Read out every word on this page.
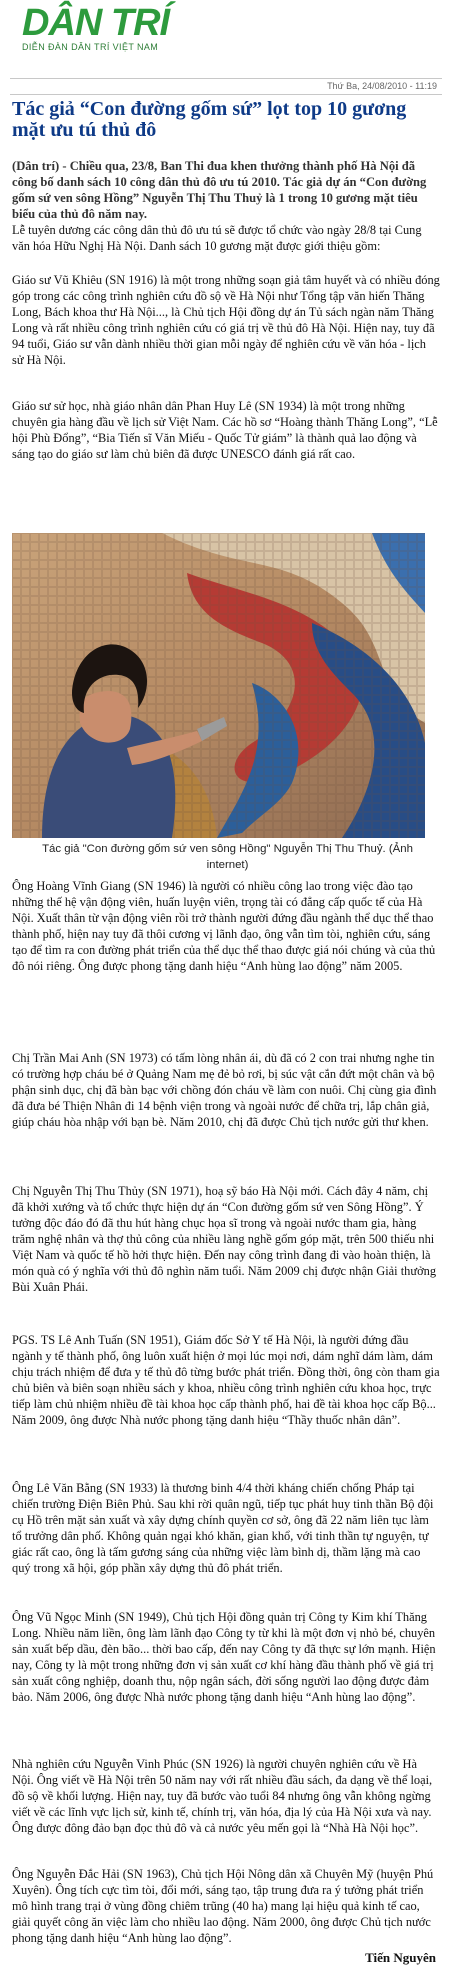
DÂN TRÍ
DIỄN ĐÀN DÂN TRÍ VIỆT NAM
Thứ Ba, 24/08/2010 - 11:19
Tác giả “Con đường gốm sứ” lọt top 10 gương mặt ưu tú thủ đô

(Dân trí) - Chiều qua, 23/8, Ban Thi đua khen thưởng thành phố Hà Nội đã công bố danh sách 10 công dân thủ đô ưu tú 2010. Tác giả dự án “Con đường gốm sứ ven sông Hồng” Nguyễn Thị Thu Thuỷ là 1 trong 10 gương mặt tiêu biểu của thủ đô năm nay.

Lễ tuyên dương các công dân thủ đô ưu tú sẽ được tổ chức vào ngày 28/8 tại Cung văn hóa Hữu Nghị Hà Nội. Danh sách 10 gương mặt được giới thiệu gồm:

Giáo sư Vũ Khiêu (SN 1916) là một trong những soạn giả tâm huyết và có nhiều đóng góp trong các công trình nghiên cứu đồ sộ về Hà Nội như Tổng tập văn hiến Thăng Long, Bách khoa thư Hà Nội..., là Chủ tịch Hội đồng dự án Tủ sách ngàn năm Thăng Long và rất nhiều công trình nghiên cứu có giá trị về thủ đô Hà Nội. Hiện nay, tuy đã 94 tuổi, Giáo sư vẫn dành nhiều thời gian mỗi ngày để nghiên cứu về văn hóa - lịch sử Hà Nội.

Giáo sư sử học, nhà giáo nhân dân Phan Huy Lê (SN 1934) là một trong những chuyên gia hàng đầu về lịch sử Việt Nam. Các hồ sơ “Hoàng thành Thăng Long”, “Lễ hội Phù Đổng”, “Bia Tiến sĩ Văn Miếu - Quốc Tử giám” là thành quả lao động và sáng tạo do giáo sư làm chủ biên đã được UNESCO đánh giá rất cao.

Tác giả "Con đường gốm sứ ven sông Hồng" Nguyễn Thị Thu Thuỷ. (Ảnh internet)

Ông Hoàng Vĩnh Giang (SN 1946) là người có nhiều công lao trong việc đào tạo những thế hệ vận động viên, huấn luyện viên, trọng tài có đẳng cấp quốc tế của Hà Nội. Xuất thân từ vận động viên rồi trở thành người đứng đầu ngành thể dục thể thao thành phố, hiện nay tuy đã thôi cương vị lãnh đạo, ông vẫn tìm tòi, nghiên cứu, sáng tạo để tìm ra con đường phát triển của thể dục thể thao được giá nói chúng và của thủ đô nói riêng. Ông được phong tặng danh hiệu “Anh hùng lao động” năm 2005.

Chị Trần Mai Anh (SN 1973) có tấm lòng nhân ái, dù đã có 2 con trai nhưng nghe tin có trường hợp cháu bé ở Quảng Nam mẹ đẻ bỏ rơi, bị súc vật cắn đứt một chân và bộ phận sinh dục, chị đã bàn bạc với chồng đón cháu về làm con nuôi. Chị cùng gia đình đã đưa bé Thiện Nhân đi 14 bệnh viện trong và ngoài nước để chữa trị, lắp chân giả, giúp cháu hòa nhập với bạn bè. Năm 2010, chị đã được Chủ tịch nước gửi thư khen.

Chị Nguyễn Thị Thu Thủy (SN 1971), hoạ sỹ báo Hà Nội mới. Cách đây 4 năm, chị đã khởi xướng và tổ chức thực hiện dự án “Con đường gốm sứ ven Sông Hồng”. Ý tưởng độc đáo đó đã thu hút hàng chục họa sĩ trong và ngoài nước tham gia, hàng trăm nghệ nhân và thợ thủ công của nhiều làng nghề gốm góp mặt, trên 500 thiếu nhi Việt Nam và quốc tế hồ hởi thực hiện. Đến nay công trình đang đi vào hoàn thiện, là món quà có ý nghĩa với thủ đô nghìn năm tuổi. Năm 2009 chị được nhận Giải thưởng Bùi Xuân Phái.

PGS. TS Lê Anh Tuấn (SN 1951), Giám đốc Sở Y tế Hà Nội, là người đứng đầu ngành y tế thành phố, ông luôn xuất hiện ở mọi lúc mọi nơi, dám nghĩ dám làm, dám chịu trách nhiệm để đưa y tế thủ đô từng bước phát triển. Đồng thời, ông còn tham gia chủ biên và biên soạn nhiều sách y khoa, nhiều công trình nghiên cứu khoa học, trực tiếp làm chủ nhiệm nhiều đề tài khoa học cấp thành phố, hai đề tài khoa học cấp Bộ... Năm 2009, ông được Nhà nước phong tặng danh hiệu “Thầy thuốc nhân dân”.

Ông Lê Văn Bằng (SN 1933) là thương binh 4/4 thời kháng chiến chống Pháp tại chiến trường Điện Biên Phủ. Sau khi rời quân ngũ, tiếp tục phát huy tinh thần Bộ đội cụ Hồ trên mặt sản xuất và xây dựng chính quyền cơ sở, ông đã 22 năm liên tục làm tổ trưởng dân phố. Không quản ngại khó khăn, gian khổ, với tinh thần tự nguyện, tự giác rất cao, ông là tấm gương sáng của những việc làm bình dị, thầm lặng mà cao quý trong xã hội, góp phần xây dựng thủ đô phát triển.

Ông Vũ Ngọc Minh (SN 1949), Chủ tịch Hội đồng quản trị Công ty Kim khí Thăng Long. Nhiều năm liền, ông làm lãnh đạo Công ty từ khi là một đơn vị nhỏ bé, chuyên sản xuất bếp dầu, đèn bão... thời bao cấp, đến nay Công ty đã thực sự lớn mạnh. Hiện nay, Công ty là một trong những đơn vị sản xuất cơ khí hàng đầu thành phố về giá trị sản xuất công nghiệp, doanh thu, nộp ngân sách, đời sống người lao động được đảm bảo. Năm 2006, ông được Nhà nước phong tặng danh hiệu “Anh hùng lao động”.

Nhà nghiên cứu Nguyễn Vinh Phúc (SN 1926) là người chuyên nghiên cứu về Hà Nội. Ông viết về Hà Nội trên 50 năm nay với rất nhiều đầu sách, đa dạng về thể loại, đồ sộ về khối lượng. Hiện nay, tuy đã bước vào tuổi 84 nhưng ông vẫn không ngừng viết về các lĩnh vực lịch sử, kinh tế, chính trị, văn hóa, địa lý của Hà Nội xưa và nay. Ông được đông đảo bạn đọc thủ đô và cả nước yêu mến gọi là “Nhà Hà Nội học”.

Ông Nguyễn Đắc Hải (SN 1963), Chủ tịch Hội Nông dân xã Chuyên Mỹ (huyện Phú Xuyên). Ông tích cực tìm tòi, đổi mới, sáng tạo, tập trung đưa ra ý tưởng phát triển mô hình trang trại ở vùng đồng chiêm trũng (40 ha) mang lại hiệu quả kinh tế cao, giải quyết công ăn việc làm cho nhiều lao động. Năm 2000, ông được Chủ tịch nước phong tặng danh hiệu “Anh hùng lao động”.

Tiến Nguyên
